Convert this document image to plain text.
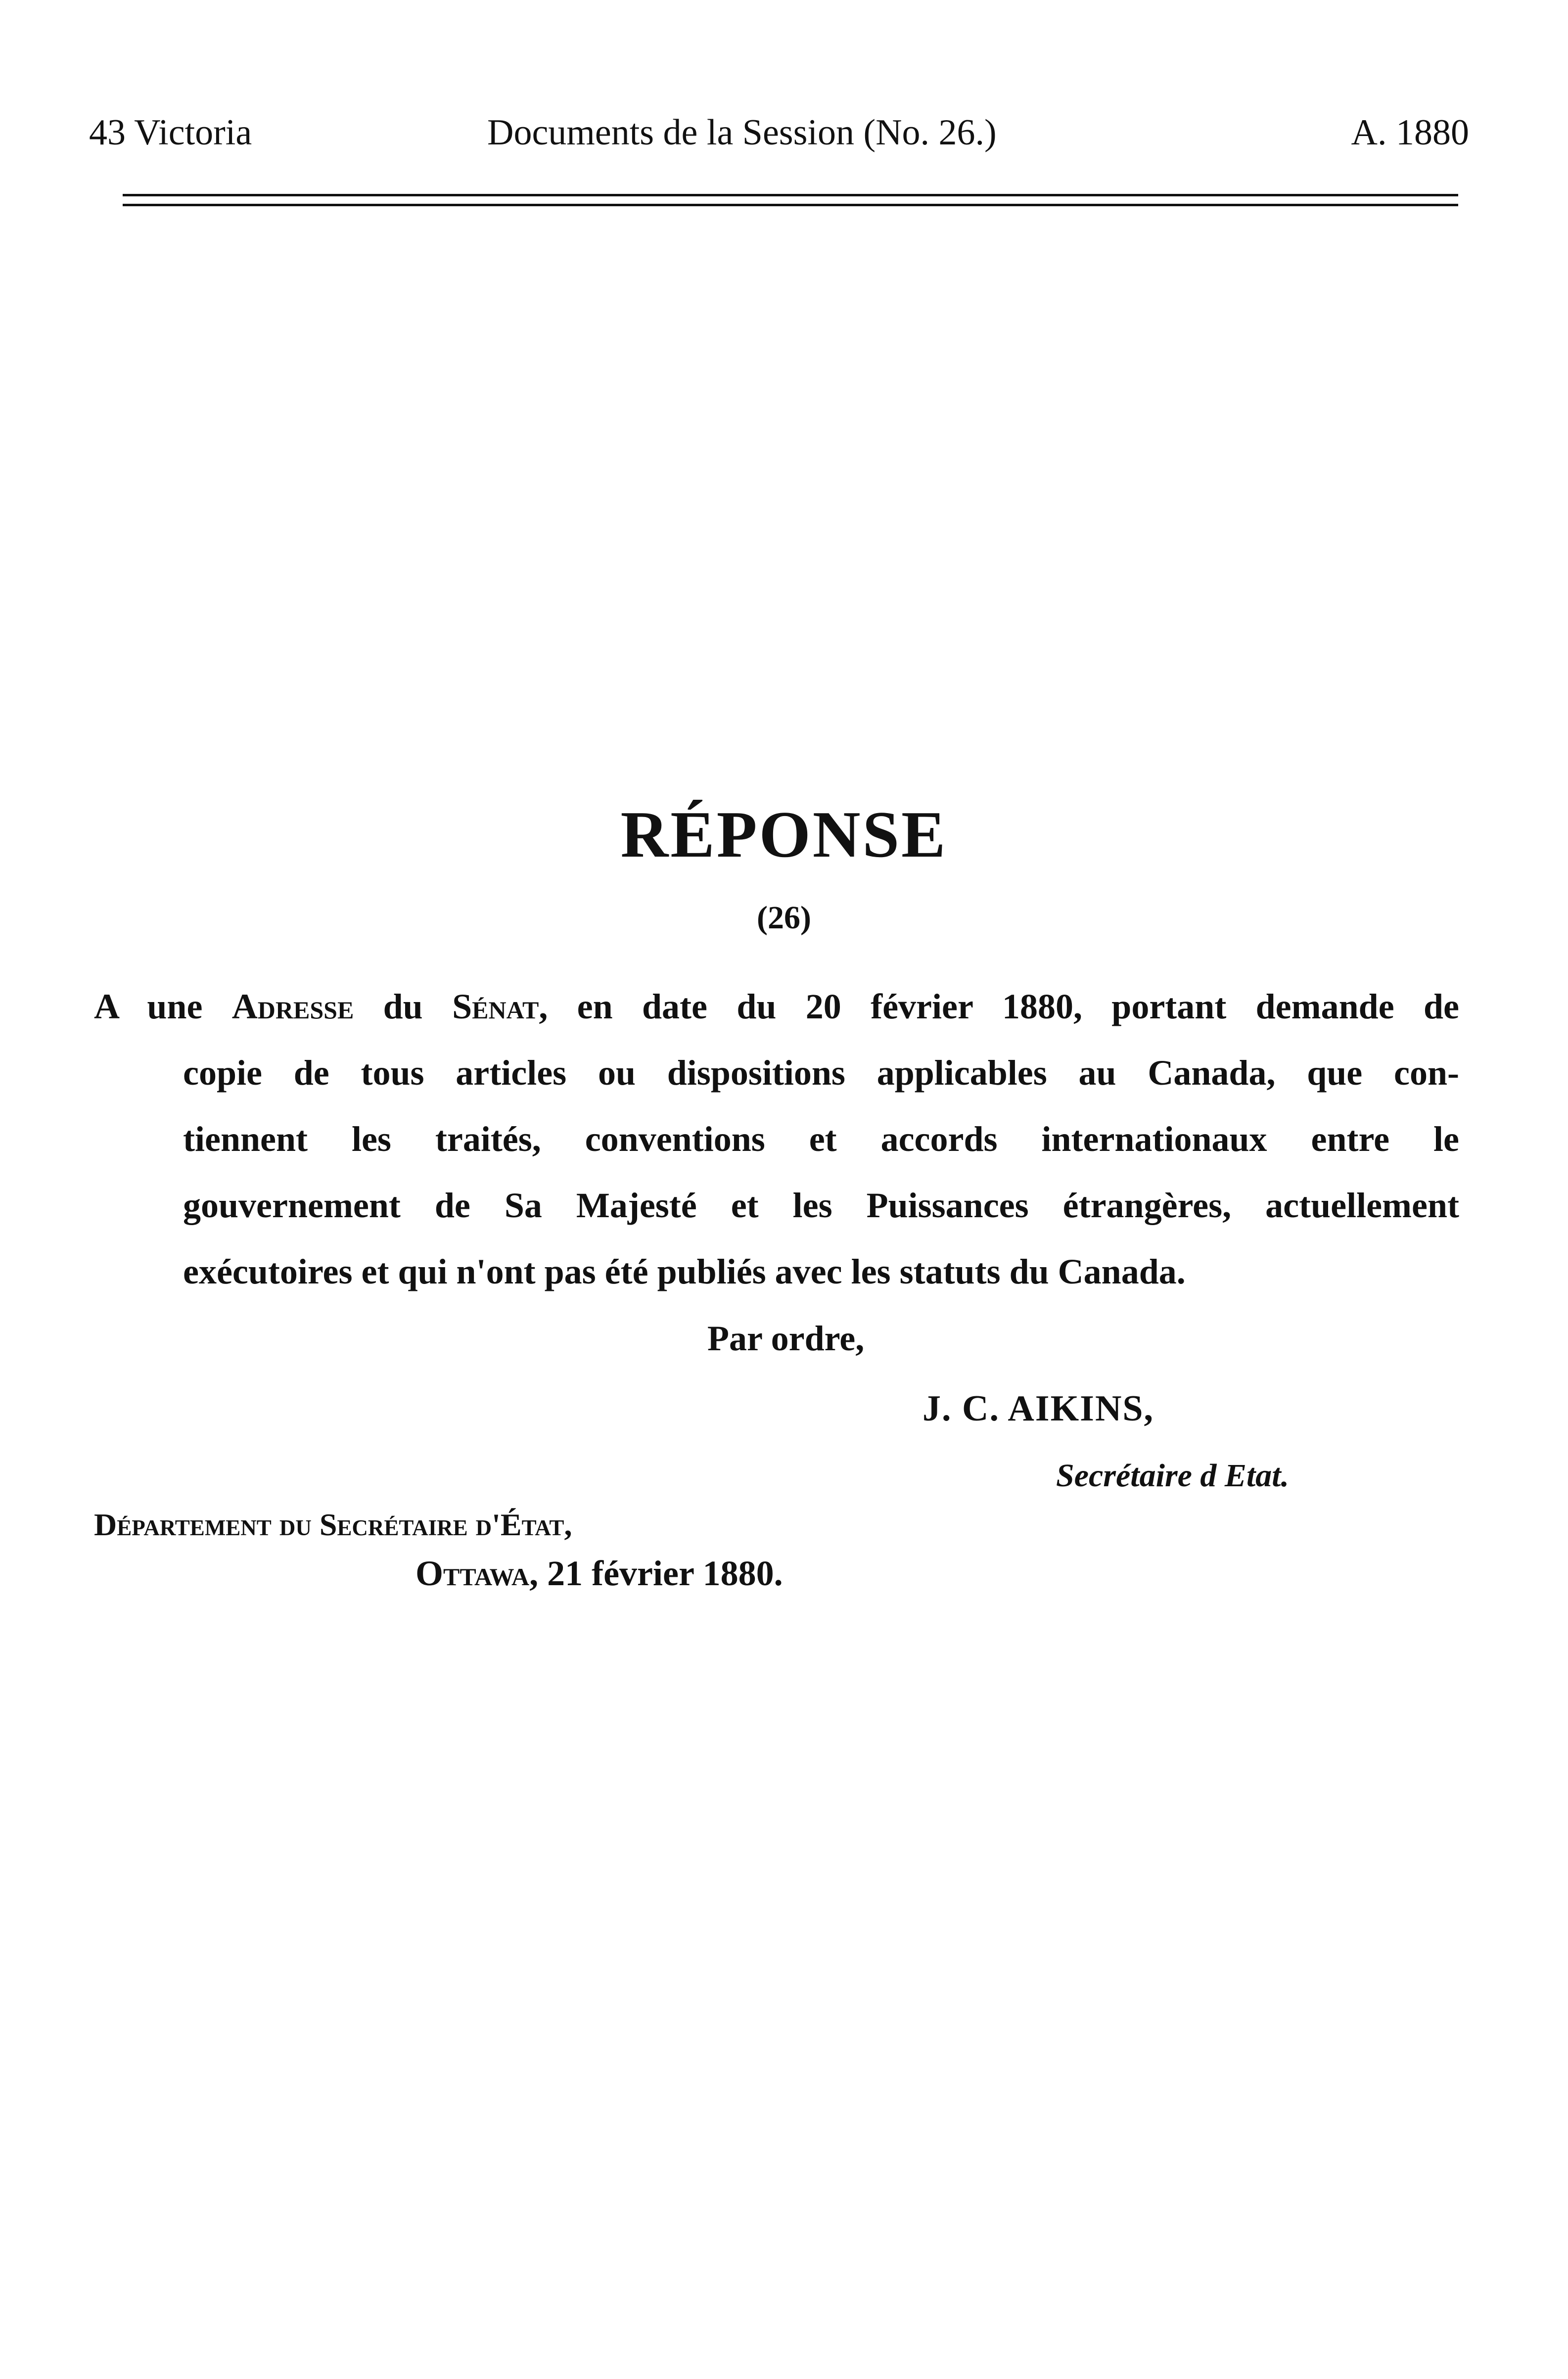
43 Victoria	Documents de la Session (No. 26.)	A. 1880
RÉPONSE
(26)
A une Adresse du Sénat, en date du 20 février 1880, portant demande de
copie de tous articles ou dispositions applicables au Canada, que con-
tiennent les traités, conventions et accords internationaux entre le
gouvernement de Sa Majesté et les Puissances étrangères, actuellement
exécutoires et qui n'ont pas été publiés avec les statuts du Canada.
Par ordre,
J. C. AIKINS,
Secrétaire d Etat.
Département du Secrétaire d'État,
Ottawa, 21 février 1880.
